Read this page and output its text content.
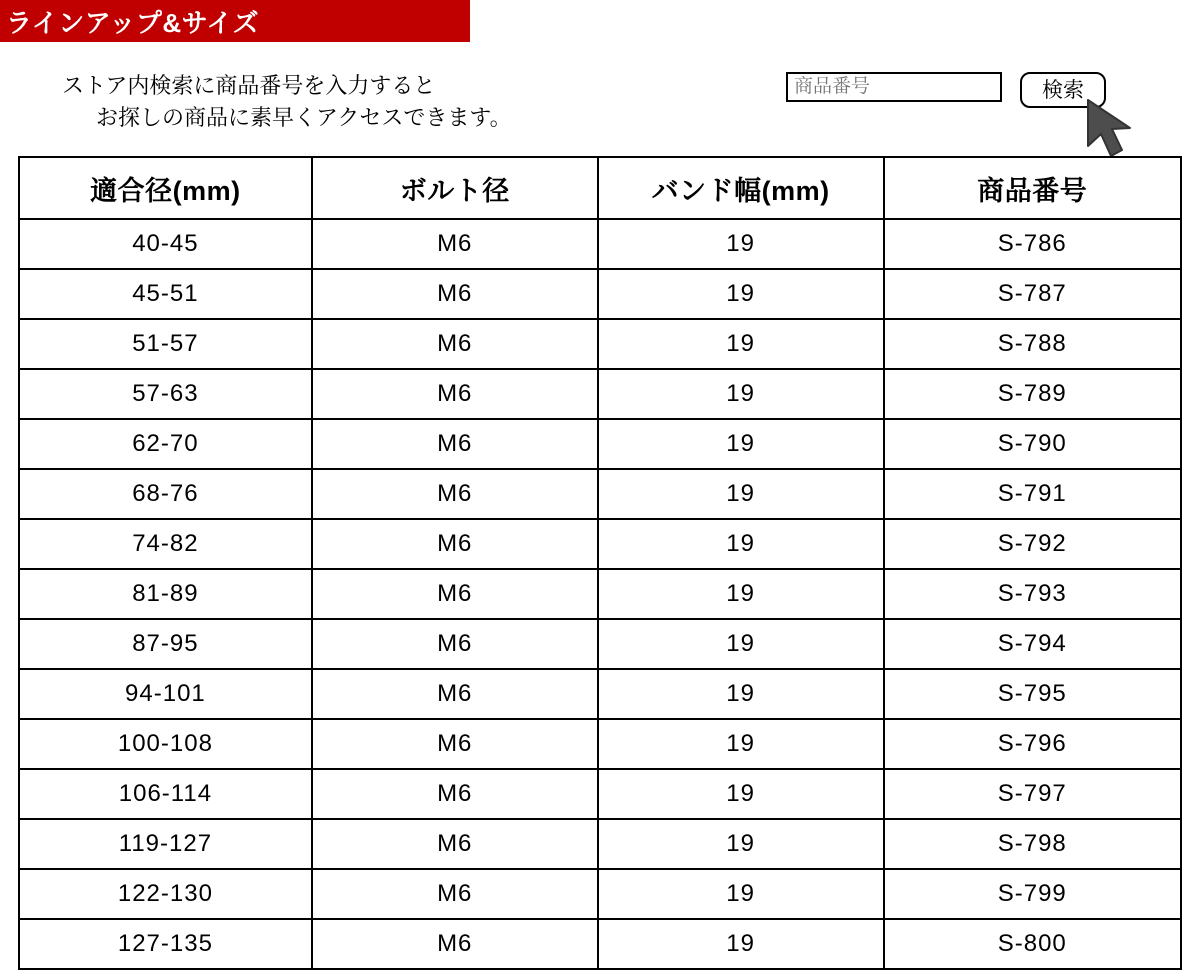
ラインアップ&サイズ
ストア内検索に商品番号を入力すると
お探しの商品に素早くアクセスできます。
商品番号
検索
適合径(mm)	ボルト径	バンド幅(mm)	商品番号
40-45	M6	19	S-786
45-51	M6	19	S-787
51-57	M6	19	S-788
57-63	M6	19	S-789
62-70	M6	19	S-790
68-76	M6	19	S-791
74-82	M6	19	S-792
81-89	M6	19	S-793
87-95	M6	19	S-794
94-101	M6	19	S-795
100-108	M6	19	S-796
106-114	M6	19	S-797
119-127	M6	19	S-798
122-130	M6	19	S-799
127-135	M6	19	S-800
